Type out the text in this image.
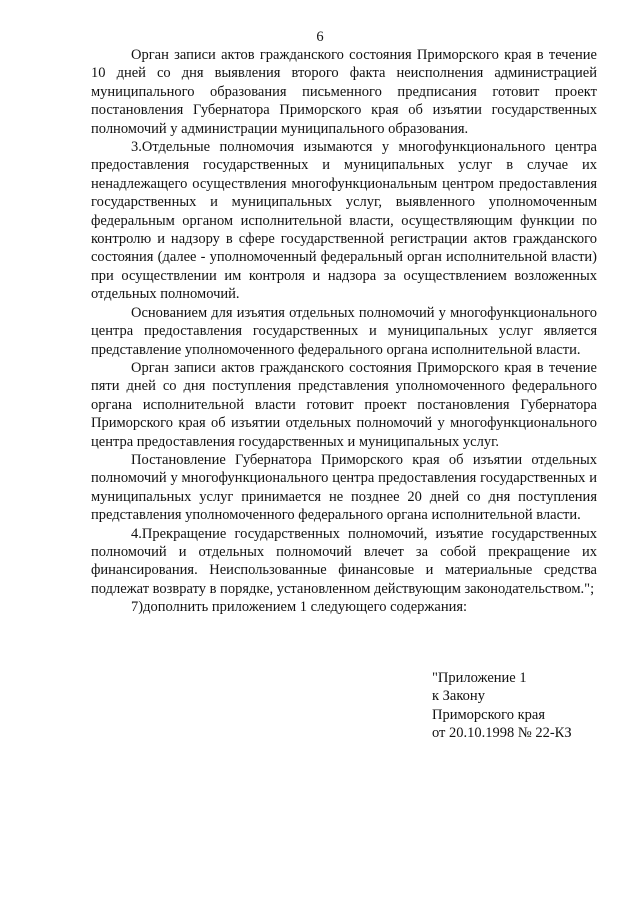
6

Орган записи актов гражданского состояния Приморского края в течение 10 дней со дня выявления второго факта неисполнения администрацией муниципального образования письменного предписания готовит проект постановления Губернатора Приморского края об изъятии государственных полномочий у администрации муниципального образования.

3.Отдельные полномочия изымаются у многофункционального центра предоставления государственных и муниципальных услуг в случае их ненадлежащего осуществления многофункциональным центром предоставления государственных и муниципальных услуг, выявленного уполномоченным федеральным органом исполнительной власти, осуществляющим функции по контролю и надзору в сфере государственной регистрации актов гражданского состояния (далее - уполномоченный федеральный орган исполнительной власти) при осуществлении им контроля и надзора за осуществлением возложенных отдельных полномочий.

Основанием для изъятия отдельных полномочий у многофункционального центра предоставления государственных и муниципальных услуг является представление уполномоченного федерального органа исполнительной власти.

Орган записи актов гражданского состояния Приморского края в течение пяти дней со дня поступления представления уполномоченного федерального органа исполнительной власти готовит проект постановления Губернатора Приморского края об изъятии отдельных полномочий у многофункционального центра предоставления государственных и муниципальных услуг.

Постановление Губернатора Приморского края об изъятии отдельных полномочий у многофункционального центра предоставления государственных и муниципальных услуг принимается не позднее 20 дней со дня поступления представления уполномоченного федерального органа исполнительной власти.

4.Прекращение государственных полномочий, изъятие государственных полномочий и отдельных полномочий влечет за собой прекращение их финансирования. Неиспользованные финансовые и материальные средства подлежат возврату в порядке, установленном действующим законодательством.";

7)дополнить приложением 1 следующего содержания:

"Приложение 1
к Закону
Приморского края
от 20.10.1998 № 22-КЗ
